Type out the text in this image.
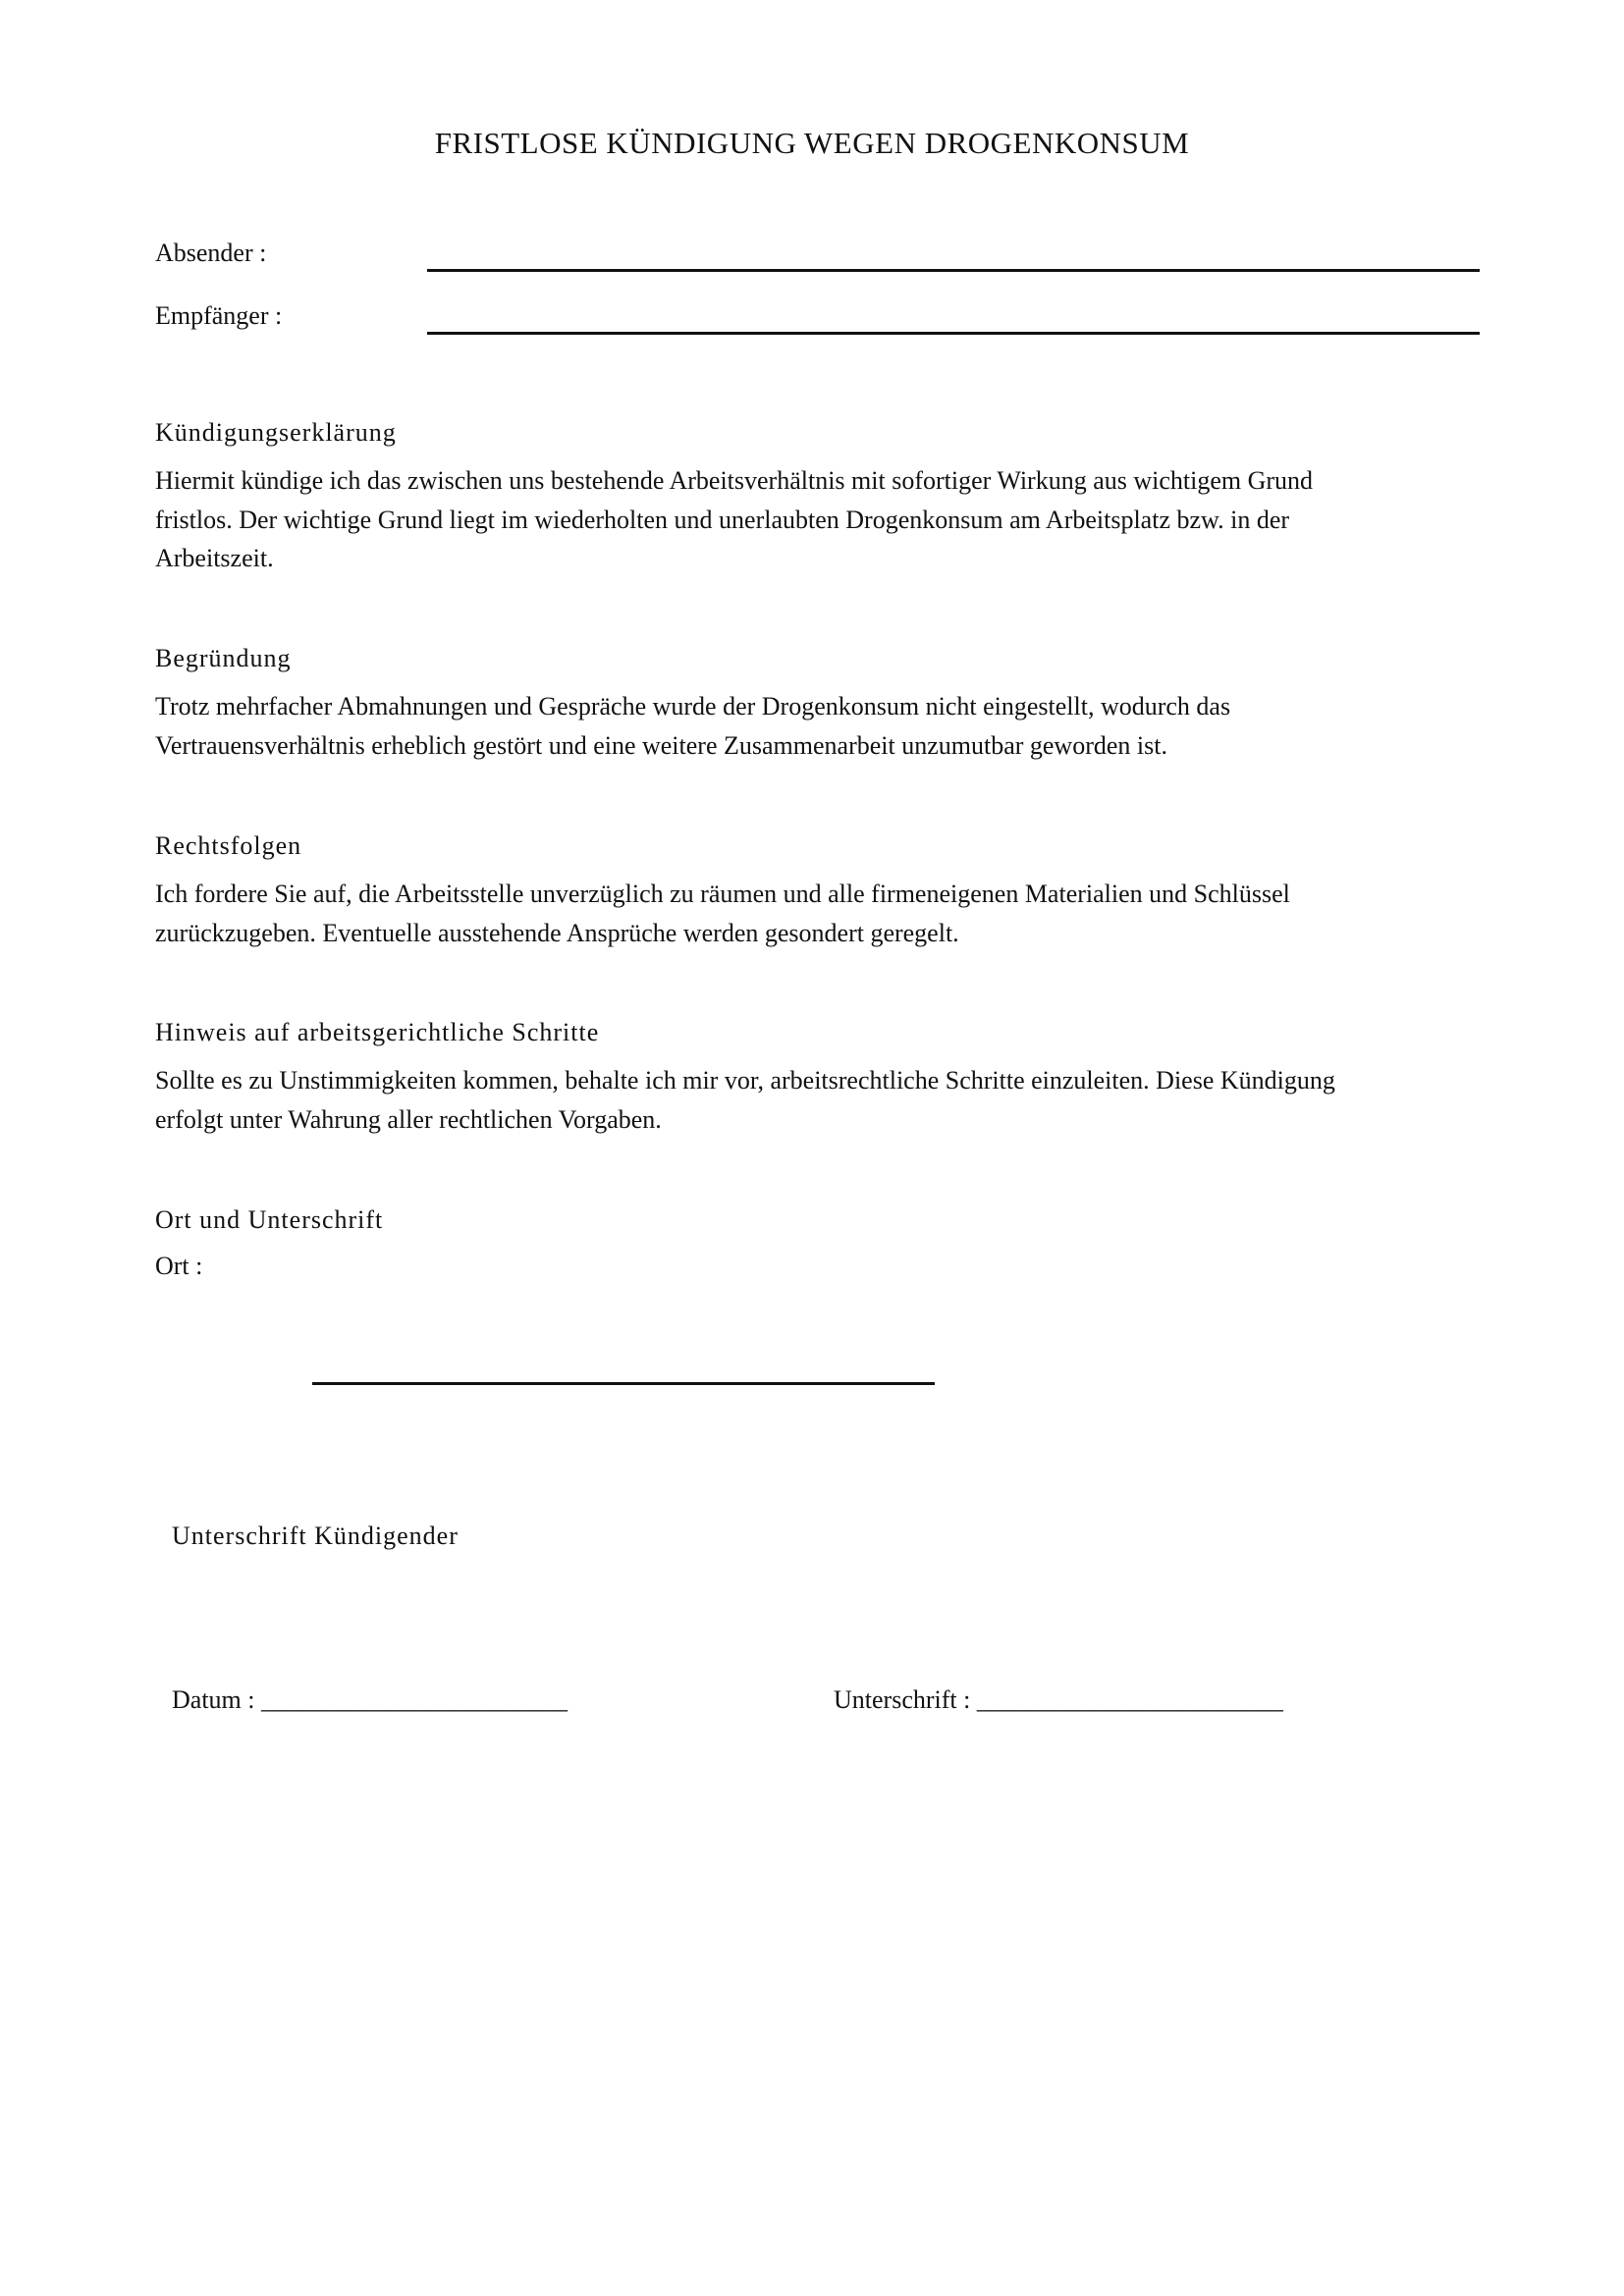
FRISTLOSE KÜNDIGUNG WEGEN DROGENKONSUM
Absender :
Empfänger :
Kündigungserklärung
Hiermit kündige ich das zwischen uns bestehende Arbeitsverhältnis mit sofortiger Wirkung aus wichtigem Grund
fristlos. Der wichtige Grund liegt im wiederholten und unerlaubten Drogenkonsum am Arbeitsplatz bzw. in der
Arbeitszeit.
Begründung
Trotz mehrfacher Abmahnungen und Gespräche wurde der Drogenkonsum nicht eingestellt, wodurch das
Vertrauensverhältnis erheblich gestört und eine weitere Zusammenarbeit unzumutbar geworden ist.
Rechtsfolgen
Ich fordere Sie auf, die Arbeitsstelle unverzüglich zu räumen und alle firmeneigenen Materialien und Schlüssel
zurückzugeben. Eventuelle ausstehende Ansprüche werden gesondert geregelt.
Hinweis auf arbeitsgerichtliche Schritte
Sollte es zu Unstimmigkeiten kommen, behalte ich mir vor, arbeitsrechtliche Schritte einzuleiten. Diese Kündigung
erfolgt unter Wahrung aller rechtlichen Vorgaben.
Ort und Unterschrift
Ort :
Unterschrift Kündigender
Datum : ________________________	Unterschrift : ________________________
